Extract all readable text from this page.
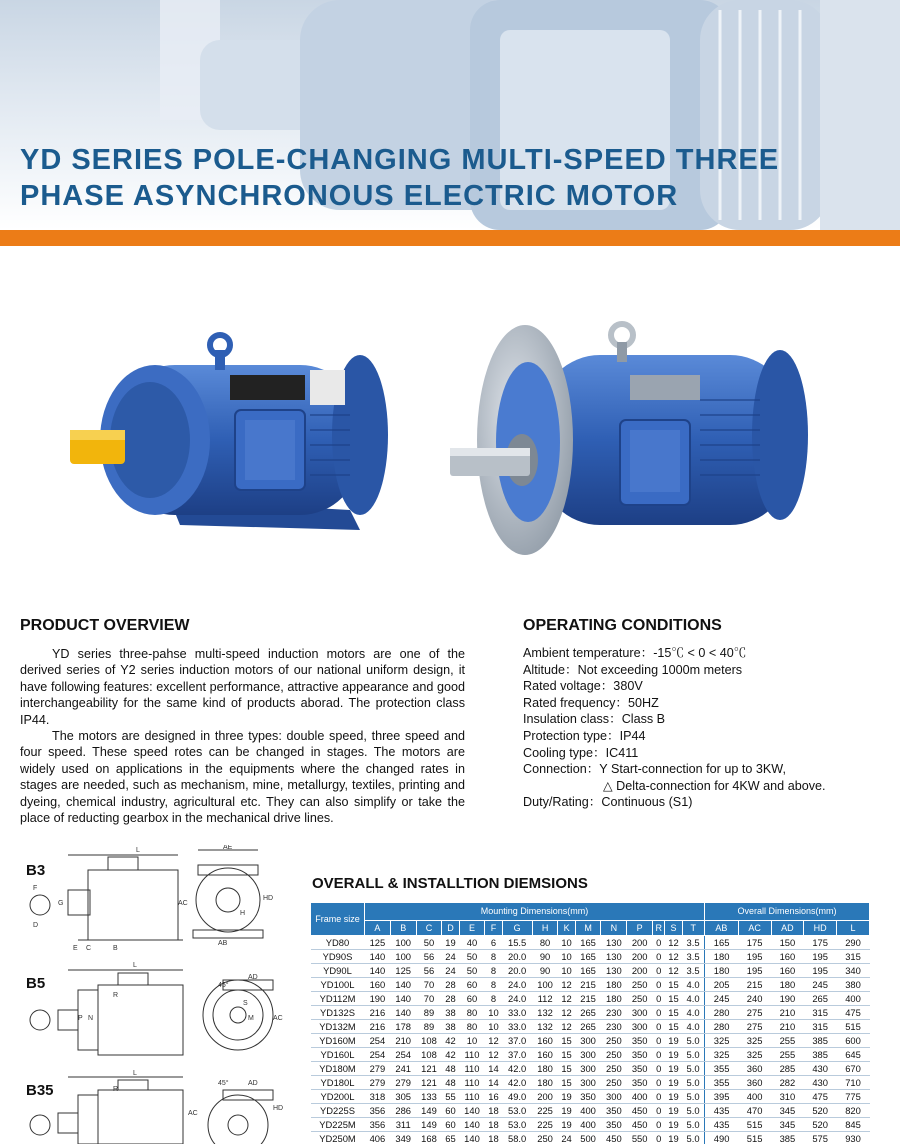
YD SERIES POLE-CHANGING MULTI-SPEED THREE
PHASE ASYNCHRONOUS ELECTRIC MOTOR
PRODUCT OVERVIEW

YD series three-pahse multi-speed induction motors are one of the derived series of Y2 series induction motors of our national uniform design, it have following features: excellent performance, attractive appearance and good interchangeability for the same kind of products aborad. The protection class IP44.

The motors are designed in three types: double speed, three speed and four speed. These speed rotes can be changed in stages. The motors are widely used on applications in the equipments where the changed rates in stages are needed, such as mechanism, mine, metallurgy, textiles, printing and dyeing, chemical industry, agricultural etc. They can also simplify or take the place of reducting gearbox in the mechanical drive lines.

OPERATING CONDITIONS
Ambient temperature：-15℃ < 0 < 40℃
Altitude：Not exceeding 1000m meters
Rated voltage：380V
Rated frequency：50HZ
Insulation class：Class B
Protection type：IP44
Cooling type：IC411
Connection：Y Start-connection for up to 3KW,
△ Delta-connection for 4KW and above.
Duty/Rating：Continuous (S1)
B3
B5
B35
L	AE
AC
HD
E C	B
AB
H
G
F
D
L
R
P N
AD
45°
S
M	AC
L
R
AD
45°
AC
HD
OVERALL & INSTALLTION DIEMSIONS
Frame size	Mounting Dimensions(mm)															Overall Dimensions(mm)				
	A	B	C	D	E	F	G	H	K	M	N	P	R	S	T	AB	AC	AD	HD	L
YD80	125	100	50	19	40	6	15.5	80	10	165	130	200	0	12	3.5	165	175	150	175	290
YD90S	140	100	56	24	50	8	20.0	90	10	165	130	200	0	12	3.5	180	195	160	195	315
YD90L	140	125	56	24	50	8	20.0	90	10	165	130	200	0	12	3.5	180	195	160	195	340
YD100L	160	140	70	28	60	8	24.0	100	12	215	180	250	0	15	4.0	205	215	180	245	380
YD112M	190	140	70	28	60	8	24.0	112	12	215	180	250	0	15	4.0	245	240	190	265	400
YD132S	216	140	89	38	80	10	33.0	132	12	265	230	300	0	15	4.0	280	275	210	315	475
YD132M	216	178	89	38	80	10	33.0	132	12	265	230	300	0	15	4.0	280	275	210	315	515
YD160M	254	210	108	42	10	12	37.0	160	15	300	250	350	0	19	5.0	325	325	255	385	600
YD160L	254	254	108	42	110	12	37.0	160	15	300	250	350	0	19	5.0	325	325	255	385	645
YD180M	279	241	121	48	110	14	42.0	180	15	300	250	350	0	19	5.0	355	360	285	430	670
YD180L	279	279	121	48	110	14	42.0	180	15	300	250	350	0	19	5.0	355	360	282	430	710
YD200L	318	305	133	55	110	16	49.0	200	19	350	300	400	0	19	5.0	395	400	310	475	775
YD225S	356	286	149	60	140	18	53.0	225	19	400	350	450	0	19	5.0	435	470	345	520	820
YD225M	356	311	149	60	140	18	53.0	225	19	400	350	450	0	19	5.0	435	515	345	520	845
YD250M	406	349	168	65	140	18	58.0	250	24	500	450	550	0	19	5.0	490	515	385	575	930
